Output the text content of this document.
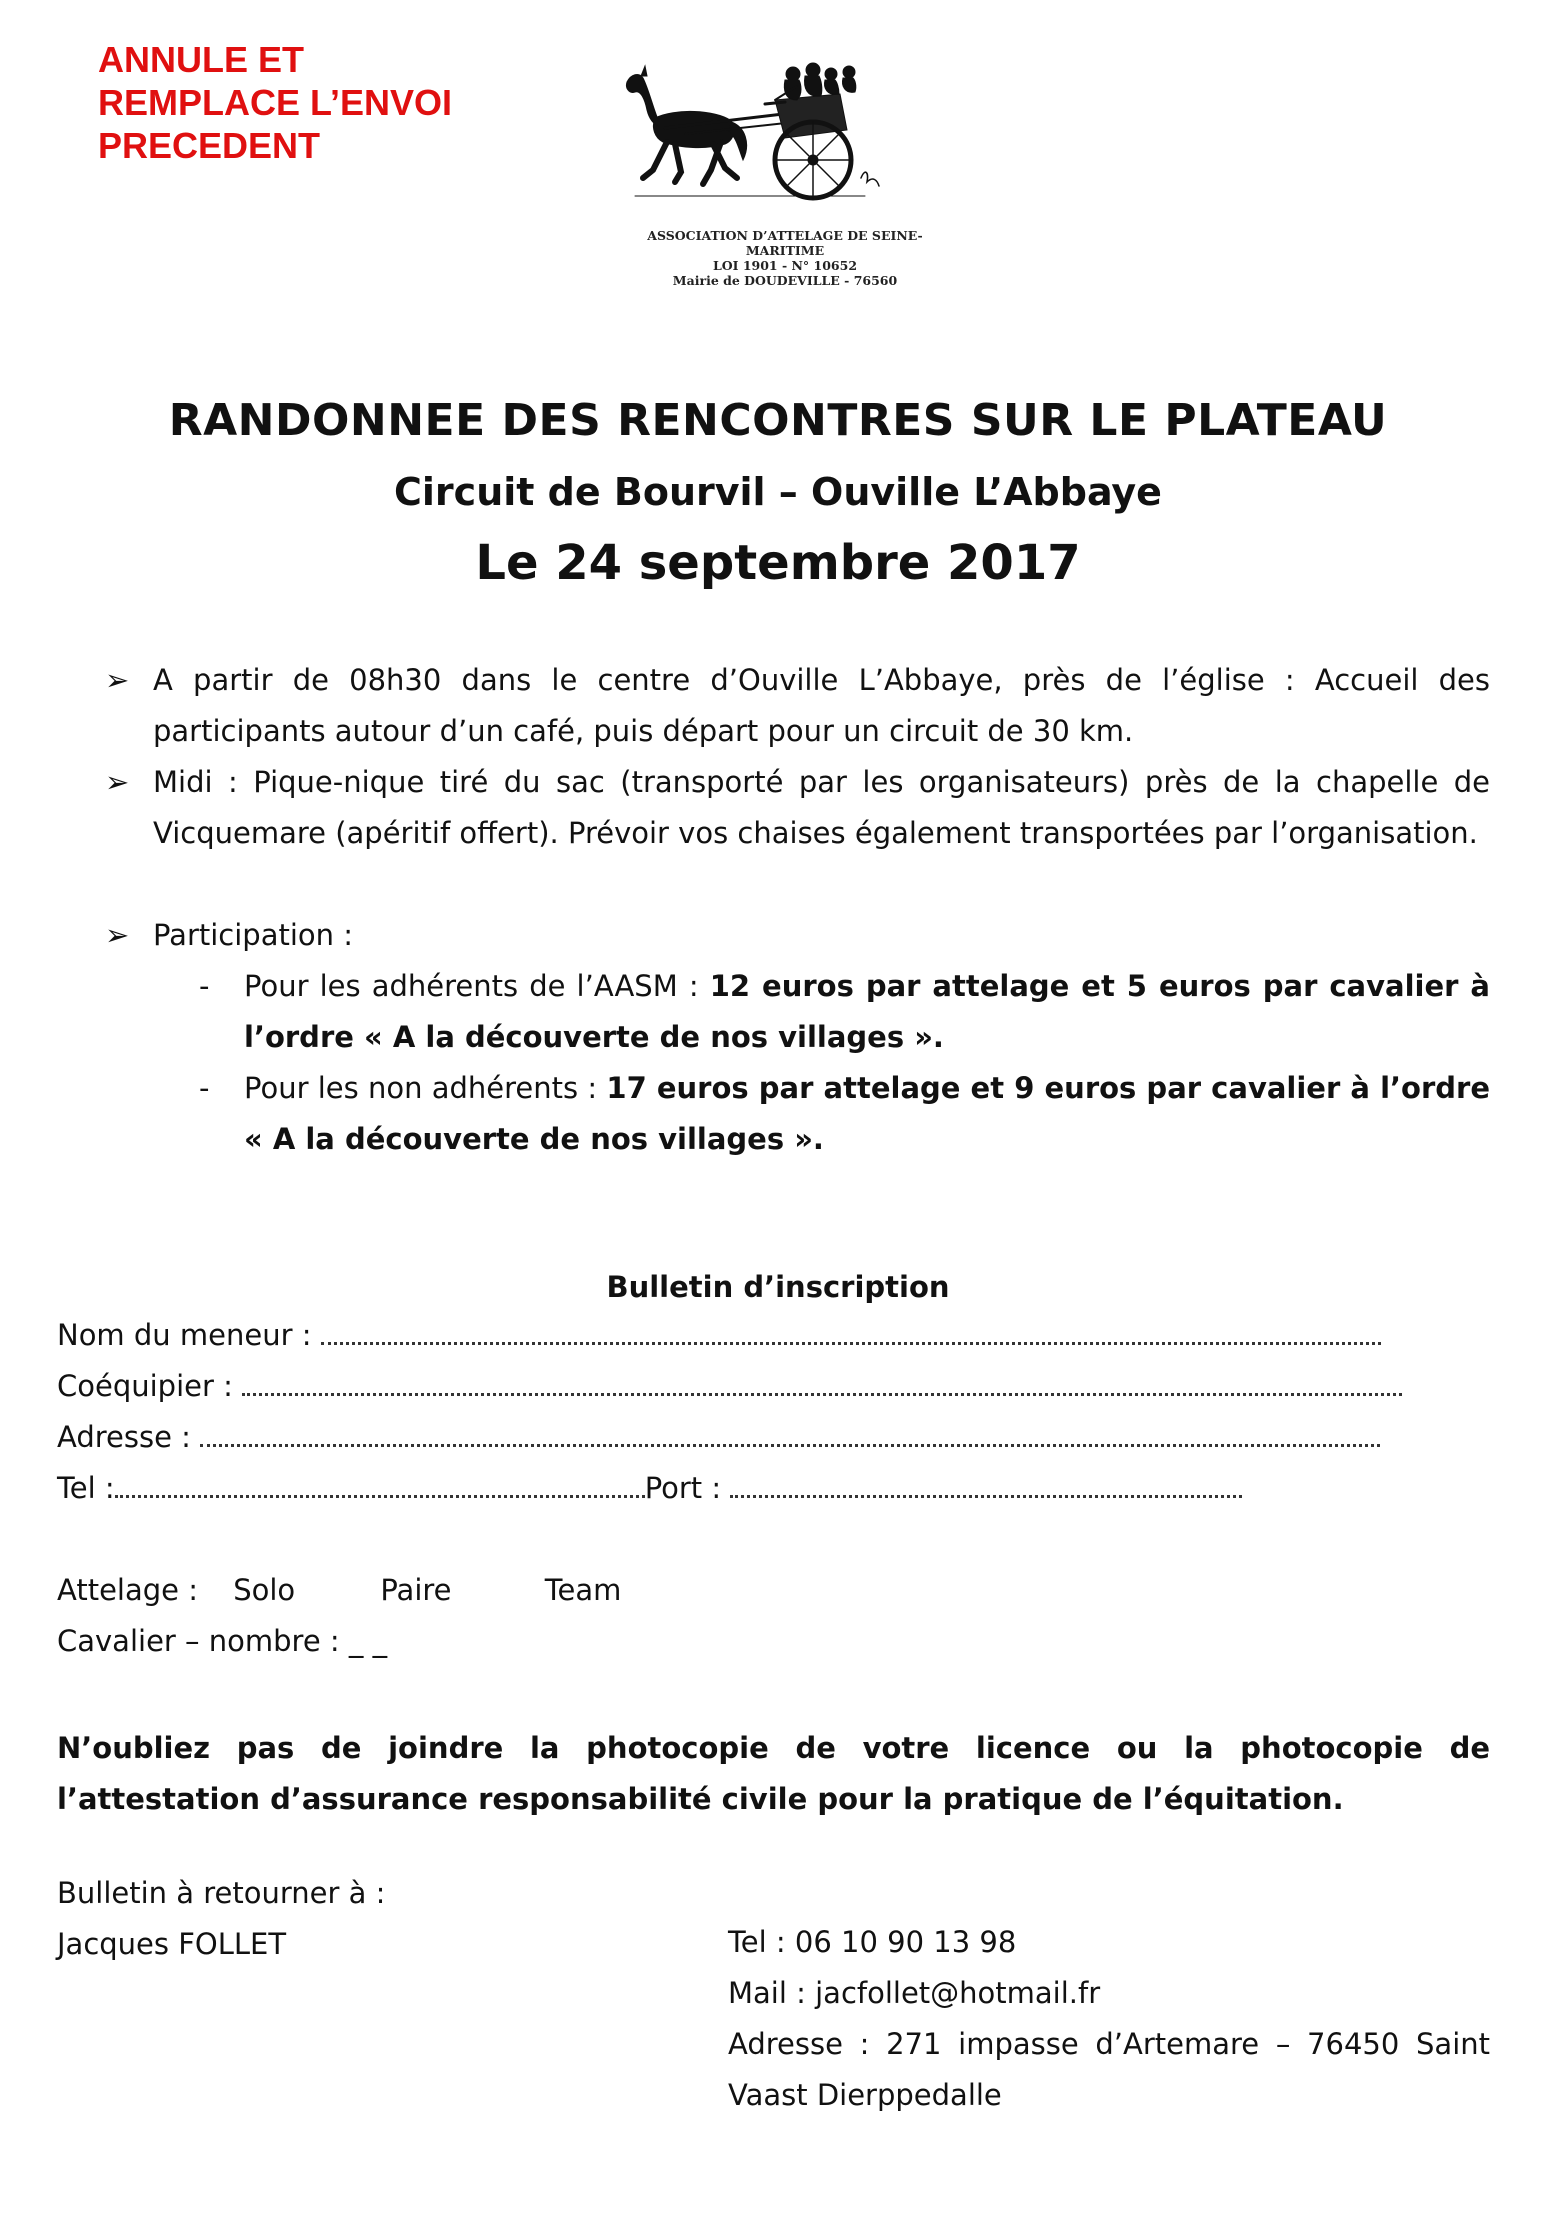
ANNULE ET
REMPLACE L’ENVOI
PRECEDENT
ASSOCIATION D’ATTELAGE DE SEINE-MARITIME
LOI 1901 - N° 10652
Mairie de DOUDEVILLE - 76560
RANDONNEE DES RENCONTRES SUR LE PLATEAU
Circuit de Bourvil – Ouville L’Abbaye
Le 24 septembre 2017
➢ A partir de 08h30 dans le centre d’Ouville L’Abbaye, près de l’église : Accueil des participants autour d’un café, puis départ pour un circuit de 30 km.
➢ Midi : Pique-nique tiré du sac (transporté par les organisateurs) près de la chapelle de Vicquemare (apéritif offert). Prévoir vos chaises également transportées par l’organisation.
➢ Participation :
- Pour les adhérents de l’AASM : 12 euros par attelage et 5 euros par cavalier à l’ordre « A la découverte de nos villages ».
- Pour les non adhérents : 17 euros par attelage et 9 euros par cavalier à l’ordre « A la découverte de nos villages ».
Bulletin d’inscription
Nom du meneur :
Coéquipier :
Adresse :
Tel :	Port :
Attelage : Solo	Paire	Team
Cavalier – nombre : _ _
N’oubliez pas de joindre la photocopie de votre licence ou la photocopie de l’attestation d’assurance responsabilité civile pour la pratique de l’équitation.
Bulletin à retourner à :
Jacques FOLLET	Tel : 06 10 90 13 98
Mail : jacfollet@hotmail.fr
Adresse : 271 impasse d’Artemare – 76450 Saint Vaast Dierppedalle
